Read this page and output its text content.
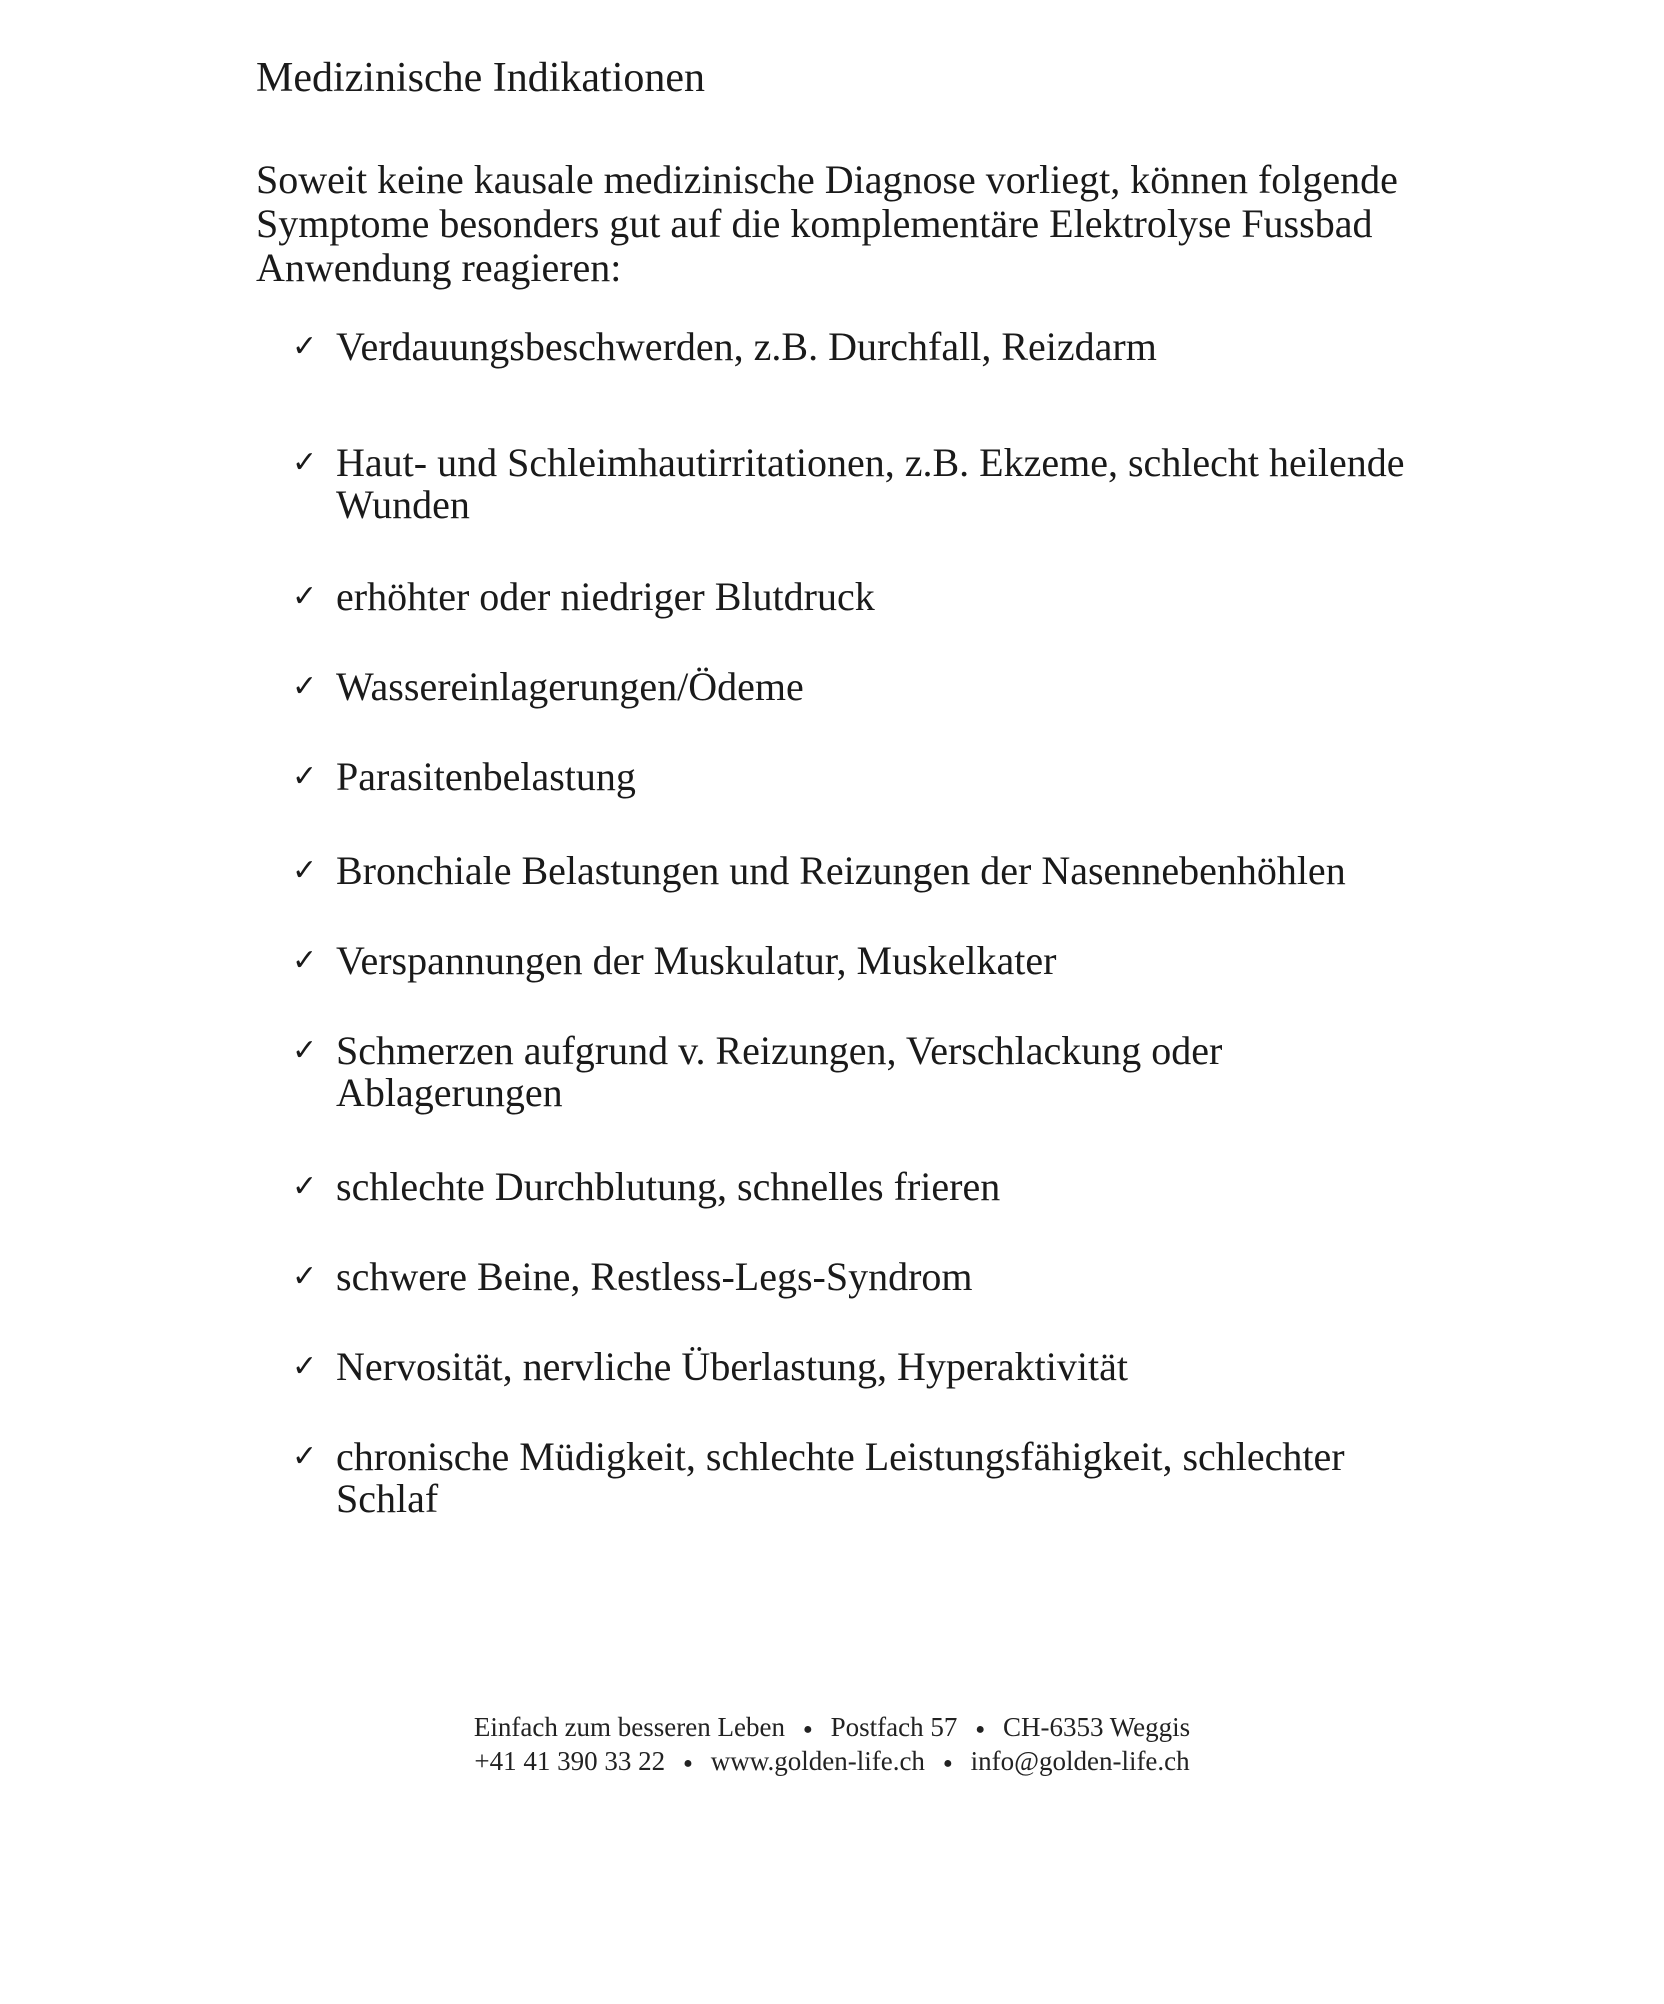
Medizinische Indikationen

Soweit keine kausale medizinische Diagnose vorliegt, können folgende Symptome besonders gut auf die komplementäre Elektrolyse Fussbad Anwendung reagieren:

✓ Verdauungsbeschwerden, z.B. Durchfall, Reizdarm
✓ Haut- und Schleimhautirritationen, z.B. Ekzeme, schlecht heilende Wunden
✓ erhöhter oder niedriger Blutdruck
✓ Wassereinlagerungen/Ödeme
✓ Parasitenbelastung
✓ Bronchiale Belastungen und Reizungen der Nasennebenhöhlen
✓ Verspannungen der Muskulatur, Muskelkater
✓ Schmerzen aufgrund v. Reizungen, Verschlackung oder Ablagerungen
✓ schlechte Durchblutung, schnelles frieren
✓ schwere Beine, Restless-Legs-Syndrom
✓ Nervosität, nervliche Überlastung, Hyperaktivität
✓ chronische Müdigkeit, schlechte Leistungsfähigkeit, schlechter Schlaf
Einfach zum besseren Leben ● Postfach 57 ● CH-6353 Weggis
+41 41 390 33 22 ● www.golden-life.ch ● info@golden-life.ch
